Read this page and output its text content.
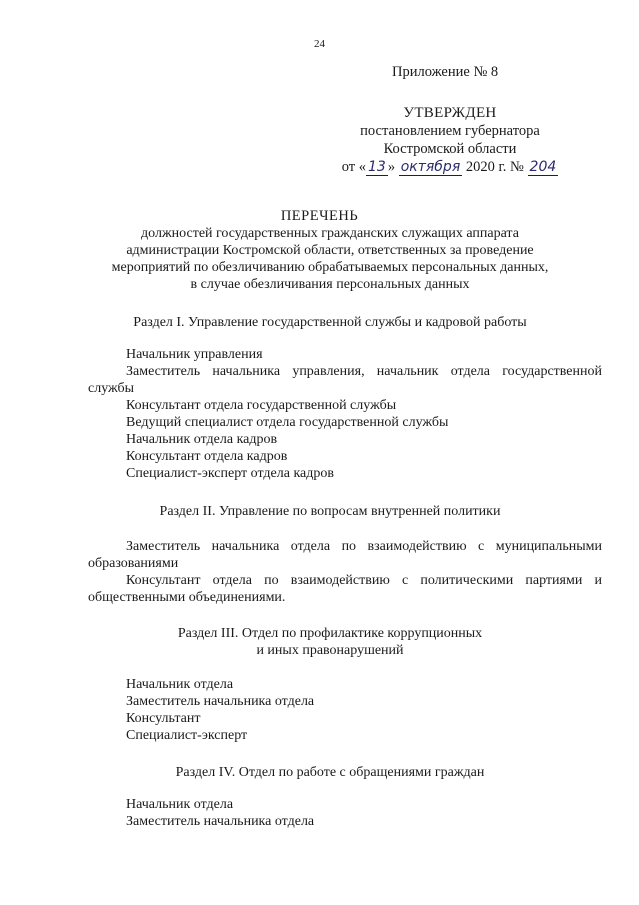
24
Приложение № 8
УТВЕРЖДЕН
постановлением губернатора
Костромской области
от « 13 » октября 2020 г. № 204
ПЕРЕЧЕНЬ
должностей государственных гражданских служащих аппарата
администрации Костромской области, ответственных за проведение
мероприятий по обезличиванию обрабатываемых персональных данных,
в случае обезличивания персональных данных
Раздел I. Управление государственной службы и кадровой работы
Начальник управления
Заместитель начальника управления, начальник отдела государственной службы
Консультант отдела государственной службы
Ведущий специалист отдела государственной службы
Начальник отдела кадров
Консультант отдела кадров
Специалист-эксперт отдела кадров
Раздел II. Управление по вопросам внутренней политики
Заместитель начальника отдела по взаимодействию с муниципальными образованиями
Консультант отдела по взаимодействию с политическими партиями и общественными объединениями.
Раздел III. Отдел по профилактике коррупционных
и иных правонарушений
Начальник отдела
Заместитель начальника отдела
Консультант
Специалист-эксперт
Раздел IV. Отдел по работе с обращениями граждан
Начальник отдела
Заместитель начальника отдела
